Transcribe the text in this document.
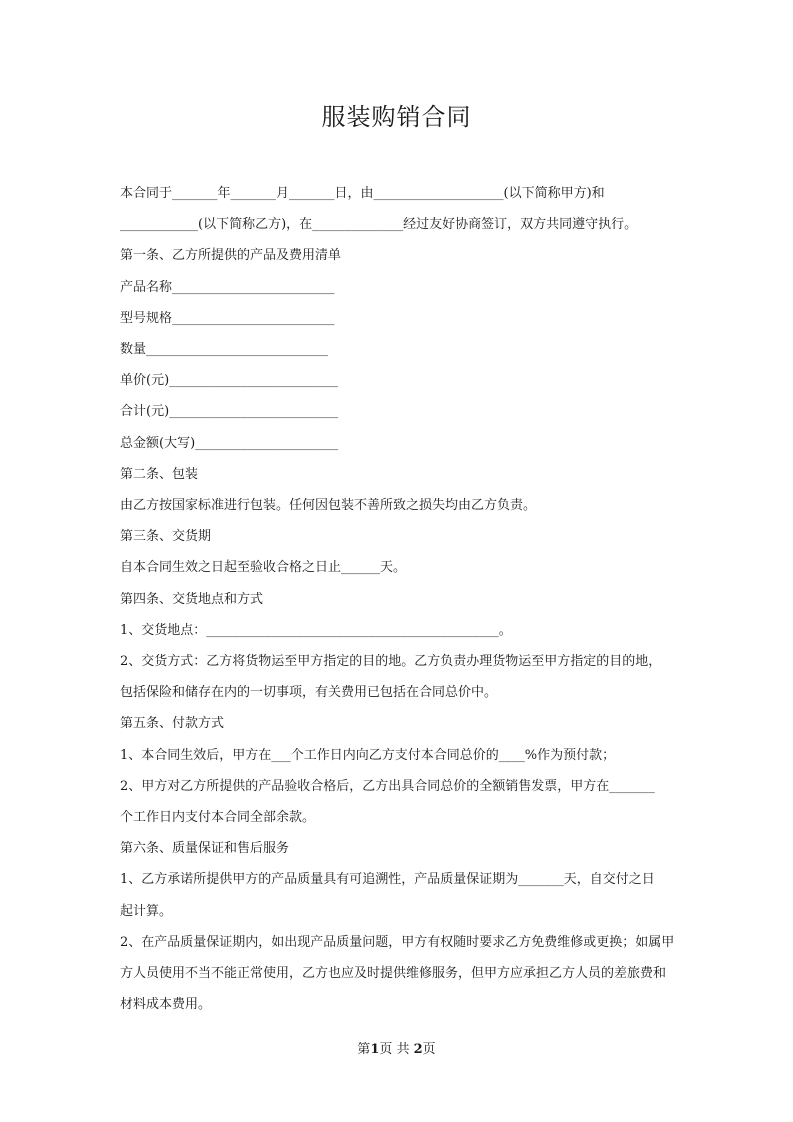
服装购销合同
本合同于_______年_______月_______日，由____________________(以下简称甲方)和
____________(以下简称乙方)，在______________经过友好协商签订，双方共同遵守执行。
第一条、乙方所提供的产品及费用清单
产品名称_________________________
型号规格_________________________
数量____________________________
单价(元)__________________________
合计(元)__________________________
总金额(大写)______________________
第二条、包装
由乙方按国家标准进行包装。任何因包装不善所致之损失均由乙方负责。
第三条、交货期
自本合同生效之日起至验收合格之日止______天。
第四条、交货地点和方式
1、交货地点：_____________________________________________。
2、交货方式：乙方将货物运至甲方指定的目的地。乙方负责办理货物运至甲方指定的目的地，
包括保险和储存在内的一切事项，有关费用已包括在合同总价中。
第五条、付款方式
1、本合同生效后，甲方在___个工作日内向乙方支付本合同总价的____%作为预付款；
2、甲方对乙方所提供的产品验收合格后，乙方出具合同总价的全额销售发票，甲方在_______
个工作日内支付本合同全部余款。
第六条、质量保证和售后服务
1、乙方承诺所提供甲方的产品质量具有可追溯性，产品质量保证期为_______天，自交付之日
起计算。
2、在产品质量保证期内，如出现产品质量问题，甲方有权随时要求乙方免费维修或更换；如属甲
方人员使用不当不能正常使用，乙方也应及时提供维修服务，但甲方应承担乙方人员的差旅费和
材料成本费用。
第1页 共 2页
